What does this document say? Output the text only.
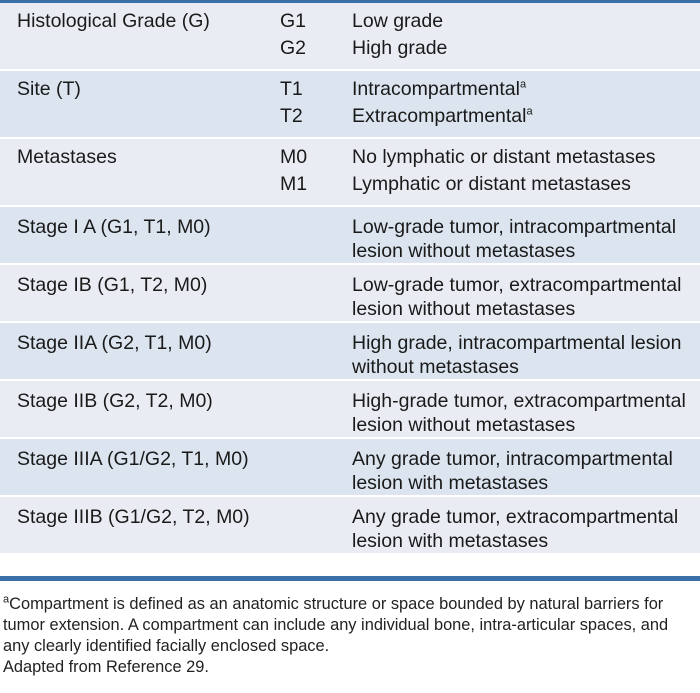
Histological Grade (G)	G1	Low grade
	G2	High grade
Site (T)	T1	Intracompartmental$^a$
	T2	Extracompartmental$^a$
Metastases	M0	No lymphatic or distant metastases
	M1	Lymphatic or distant metastases
Stage I A (G1, T1, M0)		Low-grade tumor, intracompartmental
lesion without metastases

Stage IB (G1, T2, M0)		Low-grade tumor, extracompartmental
lesion without metastases

Stage IIA (G2, T1, M0)		High grade, intracompartmental lesion
without metastases

Stage IIB (G2, T2, M0)		High-grade tumor, extracompartmental
lesion without metastases

Stage IIIA (G1/G2, T1, M0)		Any grade tumor, intracompartmental
lesion with metastases

Stage IIIB (G1/G2, T2, M0)		Any grade tumor, extracompartmental
lesion with metastases

$^a$Compartment is defined as an anatomic structure or space bounded by natural barriers for

tumor extension. A compartment can include any individual bone, intra-articular spaces, and

any clearly identified facially enclosed space.

Adapted from Reference 29.
